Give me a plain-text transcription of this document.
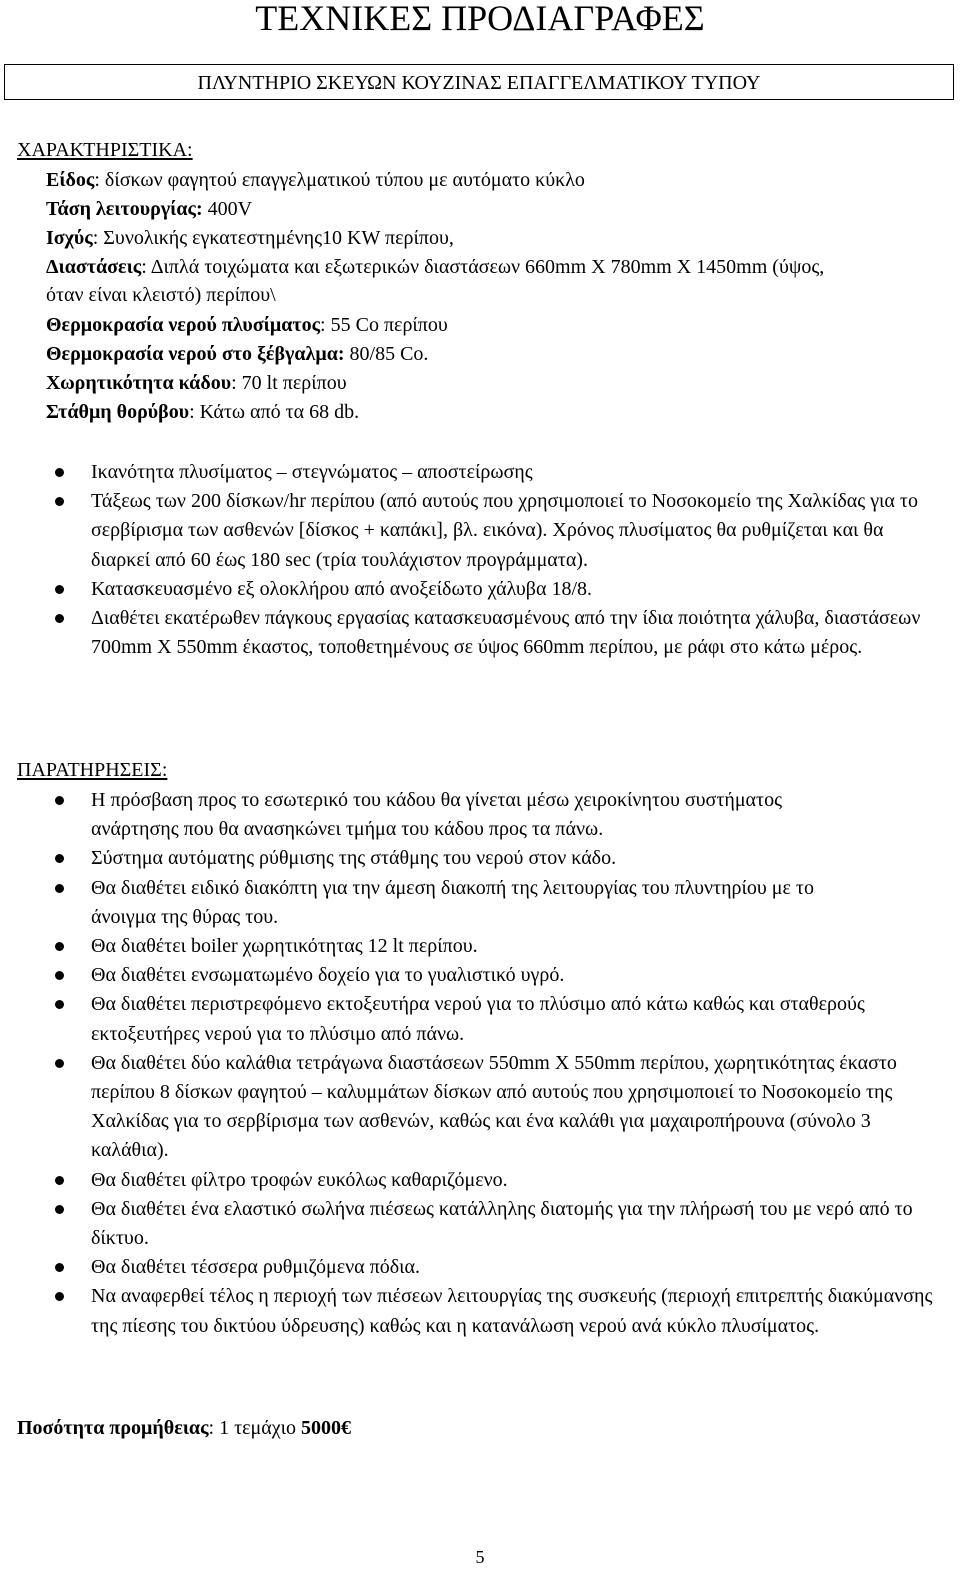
ΤΕΧΝΙΚΕΣ ΠΡΟΔΙΑΓΡΑΦΕΣ
ΠΛΥΝΤΗΡΙΟ ΣΚΕΥΩΝ ΚΟΥΖΙΝΑΣ ΕΠΑΓΓΕΛΜΑΤΙΚΟΥ ΤΥΠΟΥ
ΧΑΡΑΚΤΗΡΙΣΤΙΚΑ:
Είδος: δίσκων φαγητού επαγγελματικού τύπου με αυτόματο κύκλο
Τάση λειτουργίας: 400V
Ισχύς: Συνολικής εγκατεστημένης10 KW περίπου,
Διαστάσεις: Διπλά τοιχώματα και εξωτερικών διαστάσεων 660mm X 780mm X 1450mm (ύψος, όταν είναι κλειστό) περίπου\
Θερμοκρασία νερού πλυσίματος: 55 Co περίπου
Θερμοκρασία νερού στο ξέβγαλμα: 80/85 Co.
Χωρητικότητα κάδου: 70 lt περίπου
Στάθμη θορύβου: Κάτω από τα 68 db.
Ικανότητα πλυσίματος – στεγνώματος – αποστείρωσης
Τάξεως των 200 δίσκων/hr περίπου (από αυτούς που χρησιμοποιεί το Νοσοκομείο της Χαλκίδας για το σερβίρισμα των ασθενών [δίσκος + καπάκι], βλ. εικόνα). Χρόνος πλυσίματος θα ρυθμίζεται και θα διαρκεί από 60 έως 180 sec (τρία τουλάχιστον προγράμματα).
Κατασκευασμένο εξ ολοκλήρου από ανοξείδωτο χάλυβα 18/8.
Διαθέτει εκατέρωθεν πάγκους εργασίας κατασκευασμένους από την ίδια ποιότητα χάλυβα, διαστάσεων 700mm X 550mm έκαστος, τοποθετημένους σε ύψος 660mm περίπου, με ράφι στο κάτω μέρος.
ΠΑΡΑΤΗΡΗΣΕΙΣ:
Η πρόσβαση προς το εσωτερικό του κάδου θα γίνεται μέσω χειροκίνητου συστήματος ανάρτησης που θα ανασηκώνει τμήμα του κάδου προς τα πάνω.
Σύστημα αυτόματης ρύθμισης της στάθμης του νερού στον κάδο.
Θα διαθέτει ειδικό διακόπτη για την άμεση διακοπή της λειτουργίας του πλυντηρίου με το άνοιγμα της θύρας του.
Θα διαθέτει boiler χωρητικότητας 12 lt περίπου.
Θα διαθέτει ενσωματωμένο δοχείο για το γυαλιστικό υγρό.
Θα διαθέτει περιστρεφόμενο εκτοξευτήρα νερού για το πλύσιμο από κάτω καθώς και σταθερούς εκτοξευτήρες νερού για το πλύσιμο από πάνω.
Θα διαθέτει δύο καλάθια τετράγωνα διαστάσεων 550mm X 550mm περίπου, χωρητικότητας έκαστο περίπου 8 δίσκων φαγητού – καλυμμάτων δίσκων από αυτούς που χρησιμοποιεί το Νοσοκομείο της Χαλκίδας για το σερβίρισμα των ασθενών, καθώς και ένα καλάθι για μαχαιροπήρουνα (σύνολο 3 καλάθια).
Θα διαθέτει φίλτρο τροφών ευκόλως καθαριζόμενο.
Θα διαθέτει ένα ελαστικό σωλήνα πιέσεως κατάλληλης διατομής για την πλήρωσή του με νερό από το δίκτυο.
Θα διαθέτει τέσσερα ρυθμιζόμενα πόδια.
Να αναφερθεί τέλος η περιοχή των πιέσεων λειτουργίας της συσκευής (περιοχή επιτρεπτής διακύμανσης της πίεσης του δικτύου ύδρευσης) καθώς και η κατανάλωση νερού ανά κύκλο πλυσίματος.
Ποσότητα προμήθειας: 1 τεμάχιο 5000€
5
